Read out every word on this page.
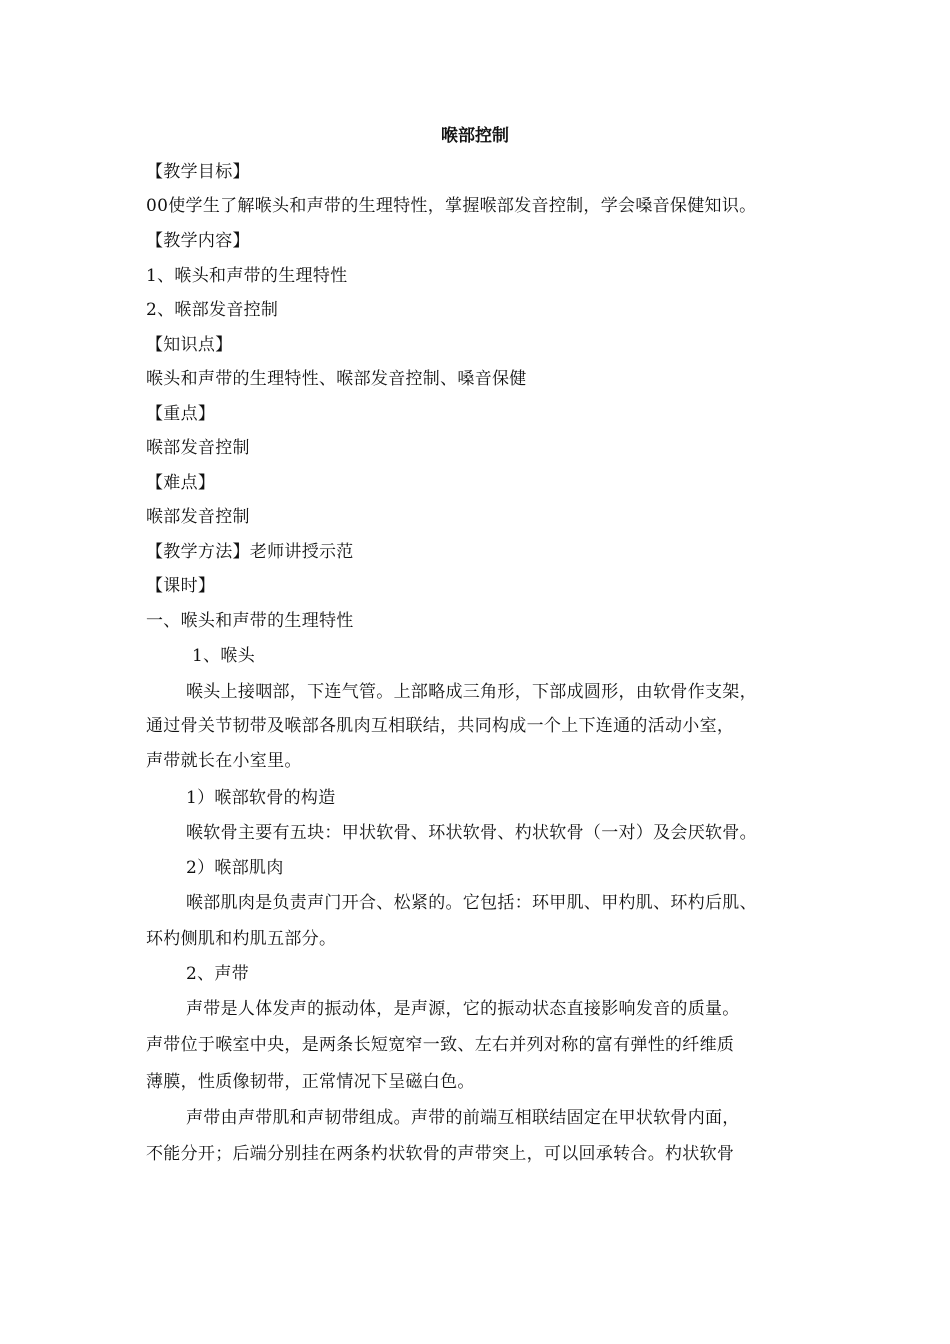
喉部控制
【教学目标】
00使学生了解喉头和声带的生理特性，掌握喉部发音控制，学会嗓音保健知识。
【教学内容】
1、喉头和声带的生理特性
2、喉部发音控制
【知识点】
喉头和声带的生理特性、喉部发音控制、嗓音保健
【重点】
喉部发音控制
【难点】
喉部发音控制
【教学方法】老师讲授示范
【课时】
一、喉头和声带的生理特性
1、喉头
喉头上接咽部，下连气管。上部略成三角形，下部成圆形，由软骨作支架，
通过骨关节韧带及喉部各肌肉互相联结，共同构成一个上下连通的活动小室，
声带就长在小室里。
1）喉部软骨的构造
喉软骨主要有五块：甲状软骨、环状软骨、杓状软骨（一对）及会厌软骨。
2）喉部肌肉
喉部肌肉是负责声门开合、松紧的。它包括：环甲肌、甲杓肌、环杓后肌、
环杓侧肌和杓肌五部分。
2、声带
声带是人体发声的振动体，是声源，它的振动状态直接影响发音的质量。
声带位于喉室中央，是两条长短宽窄一致、左右并列对称的富有弹性的纤维质
薄膜，性质像韧带，正常情况下呈磁白色。
声带由声带肌和声韧带组成。声带的前端互相联结固定在甲状软骨内面，
不能分开；后端分别挂在两条杓状软骨的声带突上，可以回承转合。杓状软骨
